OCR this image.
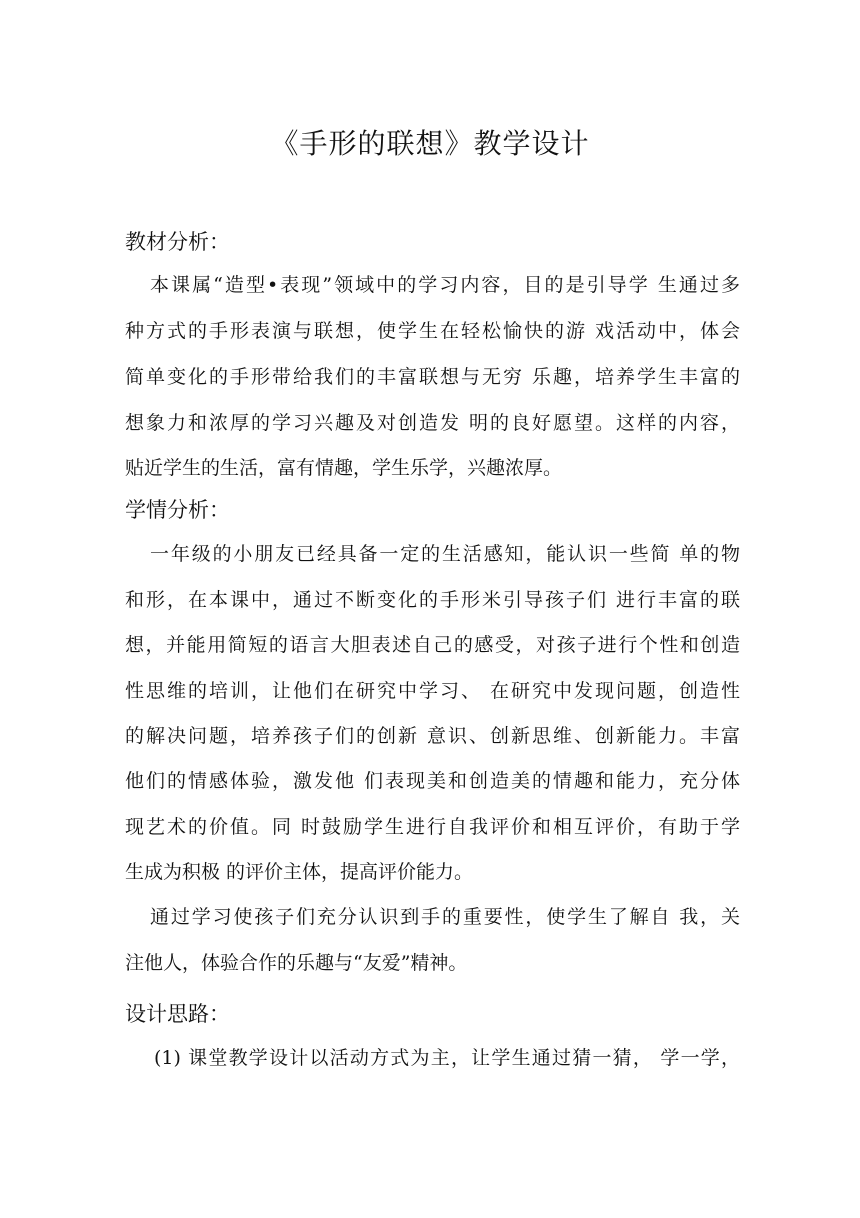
《手形的联想》教学设计
教材分析：
本课属“造型•表现”领域中的学习内容，目的是引导学 生通过多
种方式的手形表演与联想，使学生在轻松愉快的游 戏活动中，体会
简单变化的手形带给我们的丰富联想与无穷 乐趣，培养学生丰富的
想象力和浓厚的学习兴趣及对创造发 明的良好愿望。这样的内容，
贴近学生的生活，富有情趣，学生乐学，兴趣浓厚。
学情分析：
一年级的小朋友已经具备一定的生活感知，能认识一些简 单的物
和形，在本课中，通过不断变化的手形米引导孩子们 进行丰富的联
想，并能用简短的语言大胆表述自己的感受，对孩子进行个性和创造
性思维的培训，让他们在研究中学习、 在研究中发现问题，创造性
的解决问题，培养孩子们的创新 意识、创新思维、创新能力。丰富
他们的情感体验，激发他 们表现美和创造美的情趣和能力，充分体
现艺术的价值。同 时鼓励学生进行自我评价和相互评价，有助于学
生成为积极 的评价主体，提高评价能力。
通过学习使孩子们充分认识到手的重要性，使学生了解自 我，关
注他人，体验合作的乐趣与“友爱”精神。
设计思路：
(1) 课堂教学设计以活动方式为主，让学生通过猜一猜， 学一学，
